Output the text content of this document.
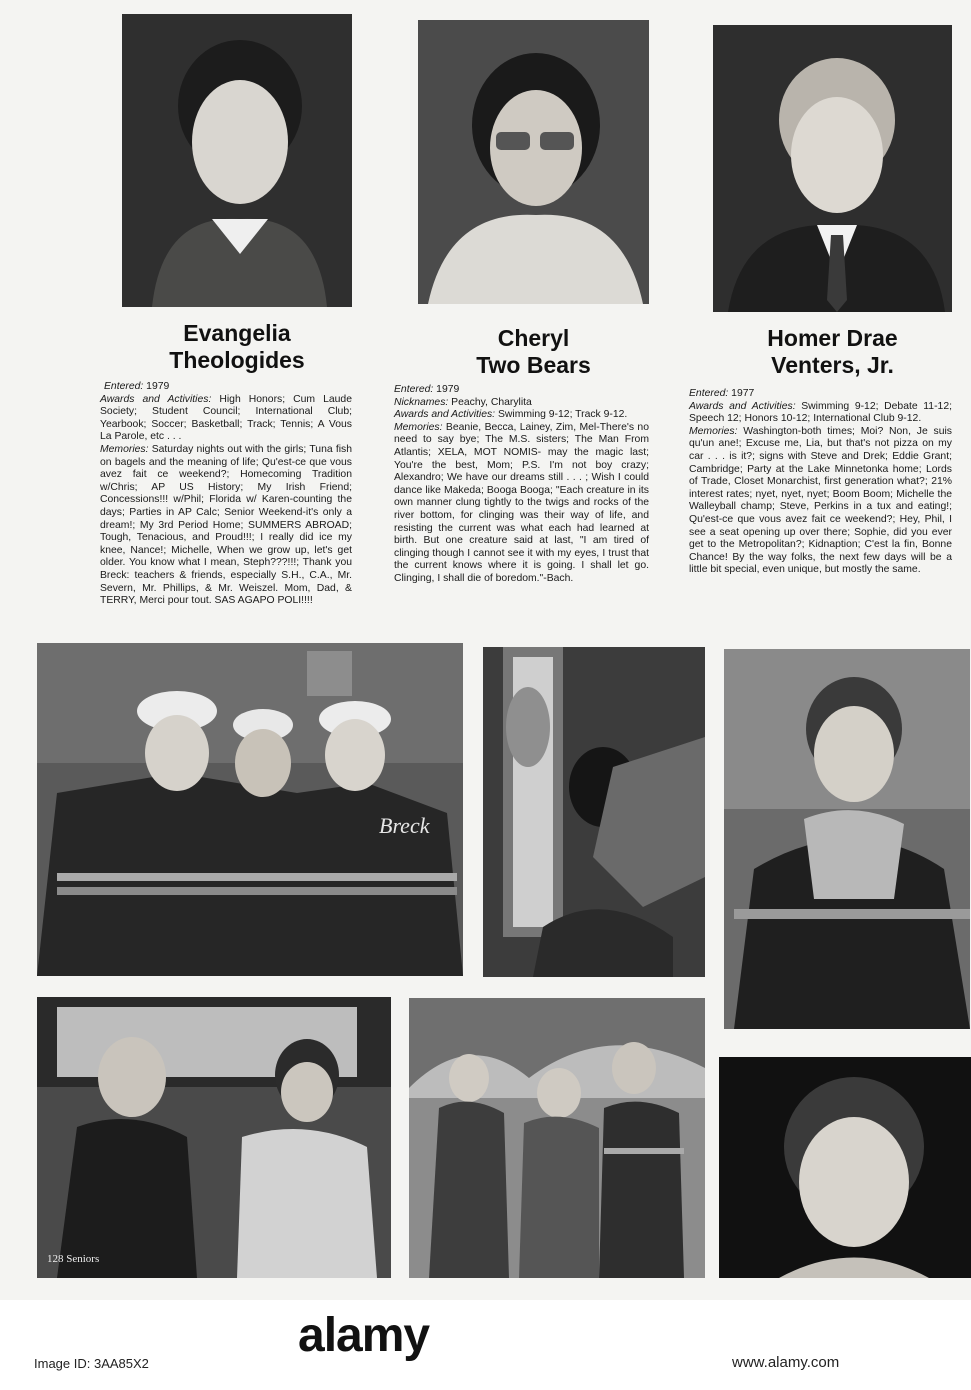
Evangelia
Theologides
Cheryl
Two Bears
Homer Drae
Venters, Jr.

Entered: 1979

Awards and Activities: High Honors; Cum Laude Society; Student Council; International Club; Yearbook; Soccer; Basketball; Track; Tennis; A Vous La Parole, etc . . .

Memories: Saturday nights out with the girls; Tuna fish on bagels and the meaning of life; Qu'est-ce que vous avez fait ce weekend?; Homecoming Tradition w/Chris; AP US History; My Irish Friend; Concessions!!! w/Phil; Florida w/ Karen-counting the days; Parties in AP Calc; Senior Weekend-it's only a dream!; My 3rd Period Home; SUMMERS ABROAD; Tough, Tenacious, and Proud!!!; I really did ice my knee, Nance!; Michelle, When we grow up, let's get older. You know what I mean, Steph???!!!; Thank you Breck: teachers & friends, especially S.H., C.A., Mr. Severn, Mr. Phillips, & Mr. Weiszel. Mom, Dad, & TERRY, Merci pour tout. SAS AGAPO POLI!!!!

Entered: 1979

Nicknames: Peachy, Charylita

Awards and Activities: Swimming 9-12; Track 9-12.

Memories: Beanie, Becca, Lainey, Zim, Mel-There's no need to say bye; The M.S. sisters; The Man From Atlantis; XELA, MOT NOMIS- may the magic last; You're the best, Mom; P.S. I'm not boy crazy; Alexandro; We have our dreams still . . . ; Wish I could dance like Makeda; Booga Booga; "Each creature in its own manner clung tightly to the twigs and rocks of the river bottom, for clinging was their way of life, and resisting the current was what each had learned at birth. But one creature said at last, "I am tired of clinging though I cannot see it with my eyes, I trust that the current knows where it is going. I shall let go. Clinging, I shall die of boredom."-Bach.

Entered: 1977

Awards and Activities: Swimming 9-12; Debate 11-12; Speech 12; Honors 10-12; International Club 9-12.

Memories: Washington-both times; Moi? Non, Je suis qu'un ane!; Excuse me, Lia, but that's not pizza on my car . . . is it?; signs with Steve and Drek; Eddie Grant; Cambridge; Party at the Lake Minnetonka home; Lords of Trade, Closet Monarchist, first generation what?; 21% interest rates; nyet, nyet, nyet; Boom Boom; Michelle the Walleyball champ; Steve, Perkins in a tux and eating!; Qu'est-ce que vous avez fait ce weekend?; Hey, Phil, I see a seat opening up over there; Sophie, did you ever get to the Metropolitan?; Kidnaption; C'est la fin, Bonne Chance! By the way folks, the next few days will be a little bit special, even unique, but mostly the same.

Breck
128 Seniors
alamy
Image ID: 3AA85X2	www.alamy.com
